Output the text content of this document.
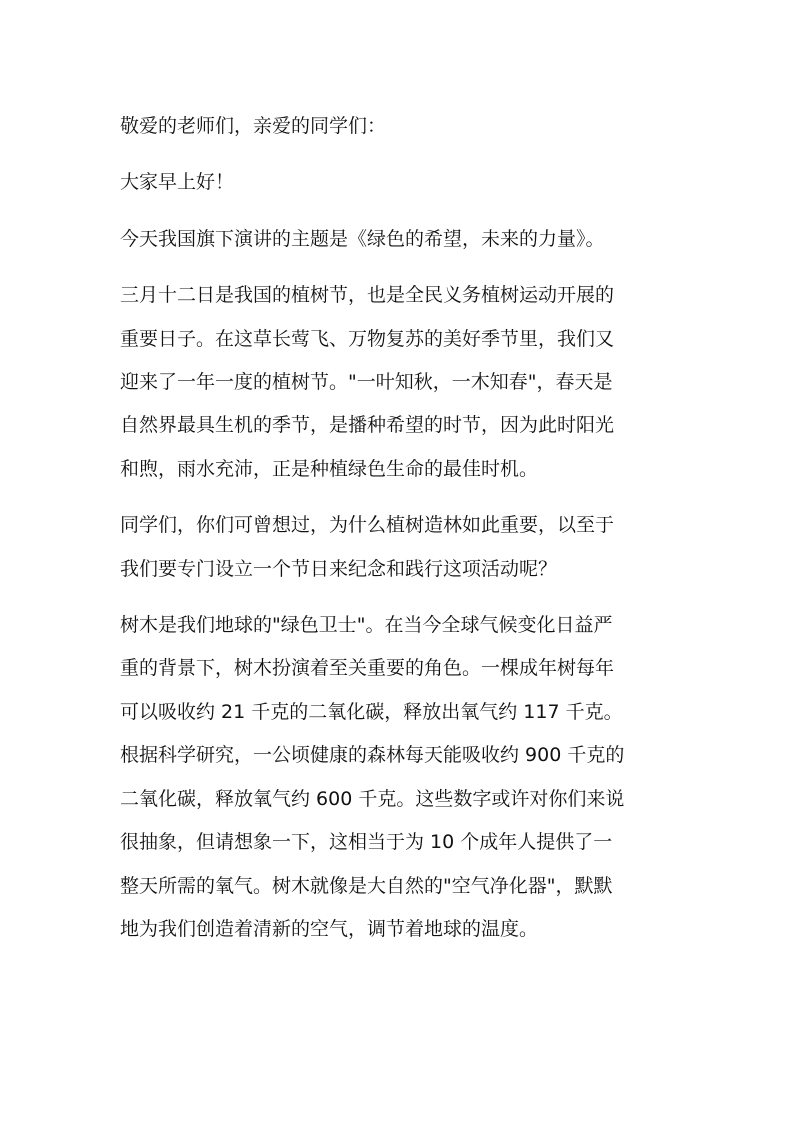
敬爱的老师们，亲爱的同学们：

大家早上好！

今天我国旗下演讲的主题是《绿色的希望，未来的力量》。

三月十二日是我国的植树节，也是全民义务植树运动开展的
重要日子。在这草长莺飞、万物复苏的美好季节里，我们又
迎来了一年一度的植树节。"一叶知秋，一木知春"，春天是
自然界最具生机的季节，是播种希望的时节，因为此时阳光
和煦，雨水充沛，正是种植绿色生命的最佳时机。

同学们，你们可曾想过，为什么植树造林如此重要，以至于
我们要专门设立一个节日来纪念和践行这项活动呢？

树木是我们地球的"绿色卫士"。在当今全球气候变化日益严
重的背景下，树木扮演着至关重要的角色。一棵成年树每年
可以吸收约 21 千克的二氧化碳，释放出氧气约 117 千克。
根据科学研究，一公顷健康的森林每天能吸收约 900 千克的
二氧化碳，释放氧气约 600 千克。这些数字或许对你们来说
很抽象，但请想象一下，这相当于为 10 个成年人提供了一
整天所需的氧气。树木就像是大自然的"空气净化器"，默默
地为我们创造着清新的空气，调节着地球的温度。
